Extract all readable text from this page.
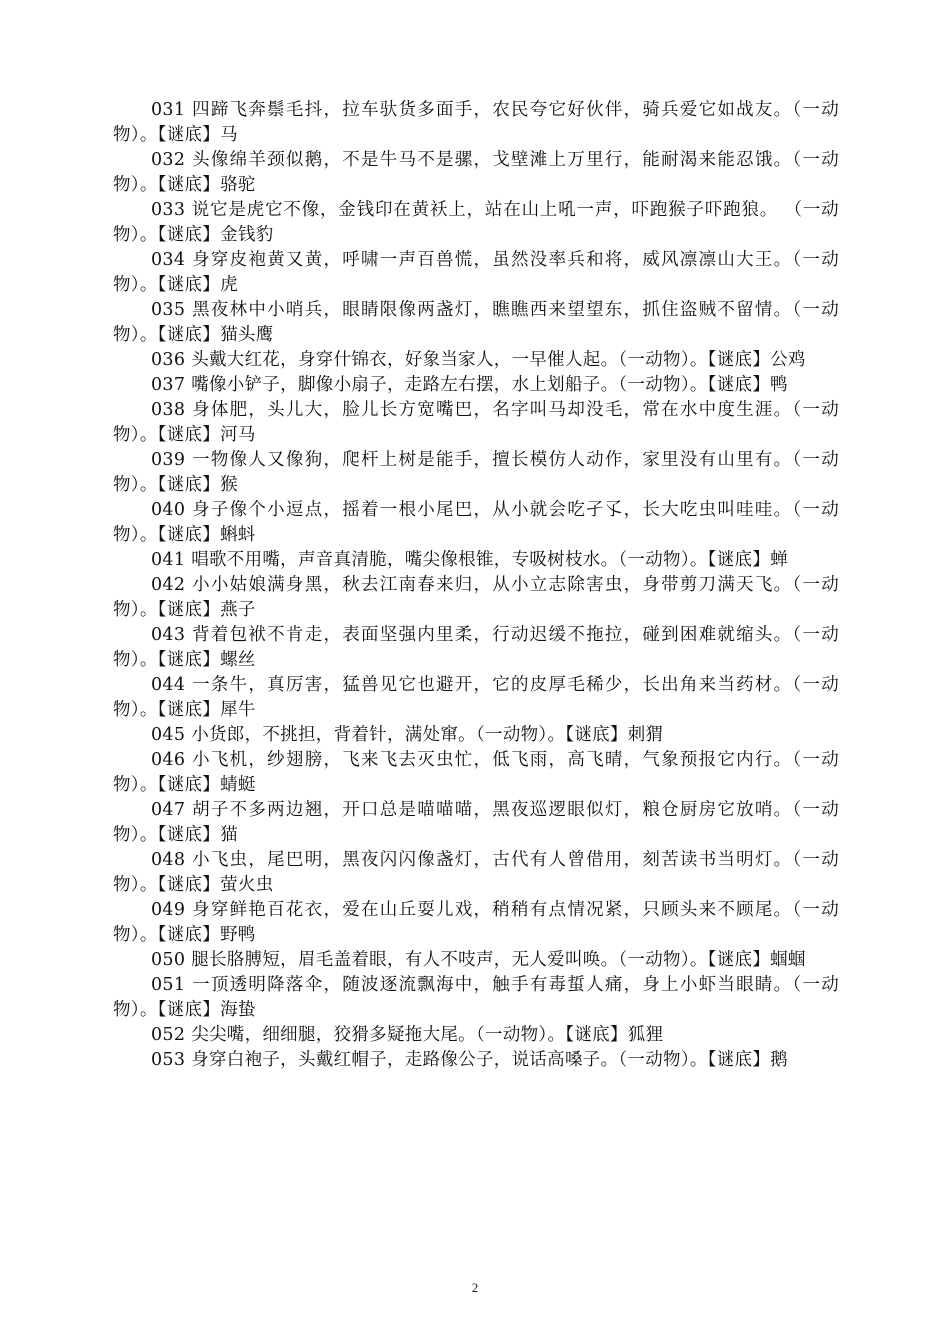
031 四蹄飞奔鬃毛抖，拉车驮货多面手，农民夸它好伙伴，骑兵爱它如战友。（一动物）。【谜底】马

032 头像绵羊颈似鹅，不是牛马不是骡，戈壁滩上万里行，能耐渴来能忍饿。（一动物）。【谜底】骆驼

033 说它是虎它不像，金钱印在黄袄上，站在山上吼一声，吓跑猴子吓跑狼。 （一动物）。【谜底】金钱豹

034 身穿皮袍黄又黄，呼啸一声百兽慌，虽然没率兵和将，威风凛凛山大王。（一动物）。【谜底】虎

035 黑夜林中小哨兵，眼睛限像两盏灯，瞧瞧西来望望东，抓住盗贼不留情。（一动物）。【谜底】猫头鹰

036 头戴大红花，身穿什锦衣，好象当家人，一早催人起。（一动物）。【谜底】公鸡

037 嘴像小铲子，脚像小扇子，走路左右摆，水上划船子。（一动物）。【谜底】鸭

038 身体肥，头儿大，脸儿长方宽嘴巴，名字叫马却没毛，常在水中度生涯。（一动物）。【谜底】河马

039 一物像人又像狗，爬杆上树是能手，擅长模仿人动作，家里没有山里有。（一动物）。【谜底】猴

040 身子像个小逗点，摇着一根小尾巴，从小就会吃孑孓，长大吃虫叫哇哇。（一动物）。【谜底】蝌蚪

041 唱歌不用嘴，声音真清脆，嘴尖像根锥，专吸树枝水。（一动物）。【谜底】蝉

042 小小姑娘满身黑，秋去江南春来归，从小立志除害虫，身带剪刀满天飞。（一动物）。【谜底】燕子

043 背着包袱不肯走，表面坚强内里柔，行动迟缓不拖拉，碰到困难就缩头。（一动物）。【谜底】螺丝

044 一条牛，真厉害，猛兽见它也避开，它的皮厚毛稀少，长出角来当药材。（一动物）。【谜底】犀牛

045 小货郎，不挑担，背着针，满处窜。（一动物）。【谜底】刺猬

046 小飞机，纱翅膀，飞来飞去灭虫忙，低飞雨，高飞晴，气象预报它内行。（一动物）。【谜底】蜻蜓

047 胡子不多两边翘，开口总是喵喵喵，黑夜巡逻眼似灯，粮仓厨房它放哨。（一动物）。【谜底】猫

048 小飞虫，尾巴明，黑夜闪闪像盏灯，古代有人曾借用，刻苦读书当明灯。（一动物）。【谜底】萤火虫

049 身穿鲜艳百花衣，爱在山丘耍儿戏，稍稍有点情况紧，只顾头来不顾尾。（一动物）。【谜底】野鸭

050 腿长胳膊短，眉毛盖着眼，有人不吱声，无人爱叫唤。（一动物）。【谜底】蝈蝈

051 一顶透明降落伞，随波逐流飘海中，触手有毒蜇人痛，身上小虾当眼睛。（一动物）。【谜底】海蛰

052 尖尖嘴，细细腿，狡猾多疑拖大尾。（一动物）。【谜底】狐狸

053 身穿白袍子，头戴红帽子，走路像公子，说话高嗓子。（一动物）。【谜底】鹅

2
